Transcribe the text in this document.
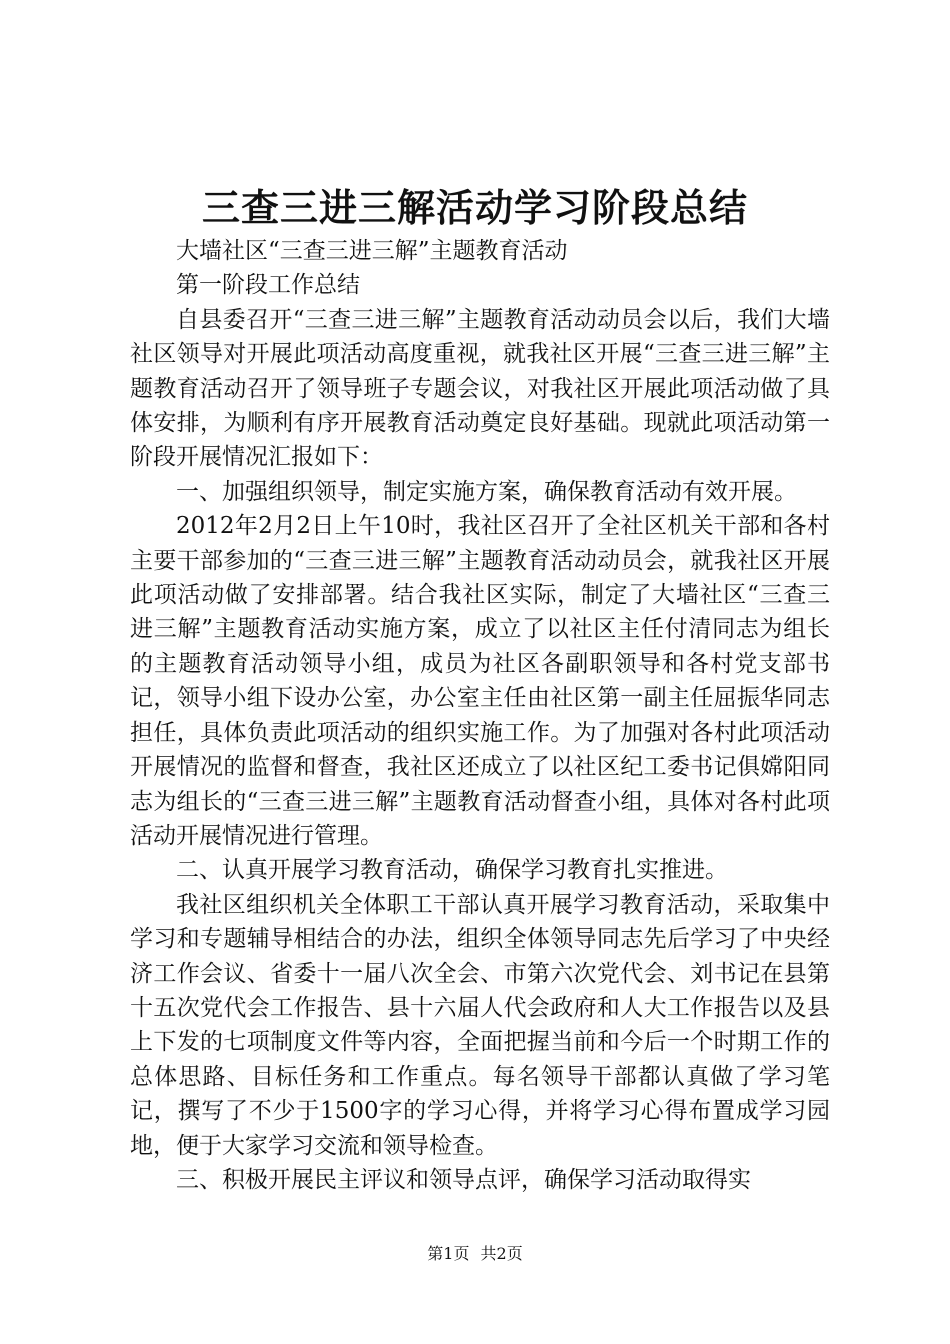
三查三进三解活动学习阶段总结

大墙社区“三查三进三解”主题教育活动

第一阶段工作总结

自县委召开“三查三进三解”主题教育活动动员会以后，我们大墙社区领导对开展此项活动高度重视，就我社区开展“三查三进三解”主题教育活动召开了领导班子专题会议，对我社区开展此项活动做了具体安排，为顺利有序开展教育活动奠定良好基础。现就此项活动第一阶段开展情况汇报如下：

一、加强组织领导，制定实施方案，确保教育活动有效开展。

2012年2月2日上午10时，我社区召开了全社区机关干部和各村主要干部参加的“三查三进三解”主题教育活动动员会，就我社区开展此项活动做了安排部署。结合我社区实际，制定了大墙社区“三查三进三解”主题教育活动实施方案，成立了以社区主任付清同志为组长的主题教育活动领导小组，成员为社区各副职领导和各村党支部书记，领导小组下设办公室，办公室主任由社区第一副主任屈振华同志担任，具体负责此项活动的组织实施工作。为了加强对各村此项活动开展情况的监督和督查，我社区还成立了以社区纪工委书记俱嫦阳同志为组长的“三查三进三解”主题教育活动督查小组，具体对各村此项活动开展情况进行管理。

二、认真开展学习教育活动，确保学习教育扎实推进。

我社区组织机关全体职工干部认真开展学习教育活动，采取集中学习和专题辅导相结合的办法，组织全体领导同志先后学习了中央经济工作会议、省委十一届八次全会、市第六次党代会、刘书记在县第十五次党代会工作报告、县十六届人代会政府和人大工作报告以及县上下发的七项制度文件等内容，全面把握当前和今后一个时期工作的总体思路、目标任务和工作重点。每名领导干部都认真做了学习笔记，撰写了不少于1500字的学习心得，并将学习心得布置成学习园地，便于大家学习交流和领导检查。

三、积极开展民主评议和领导点评，确保学习活动取得实

第1页 共2页
